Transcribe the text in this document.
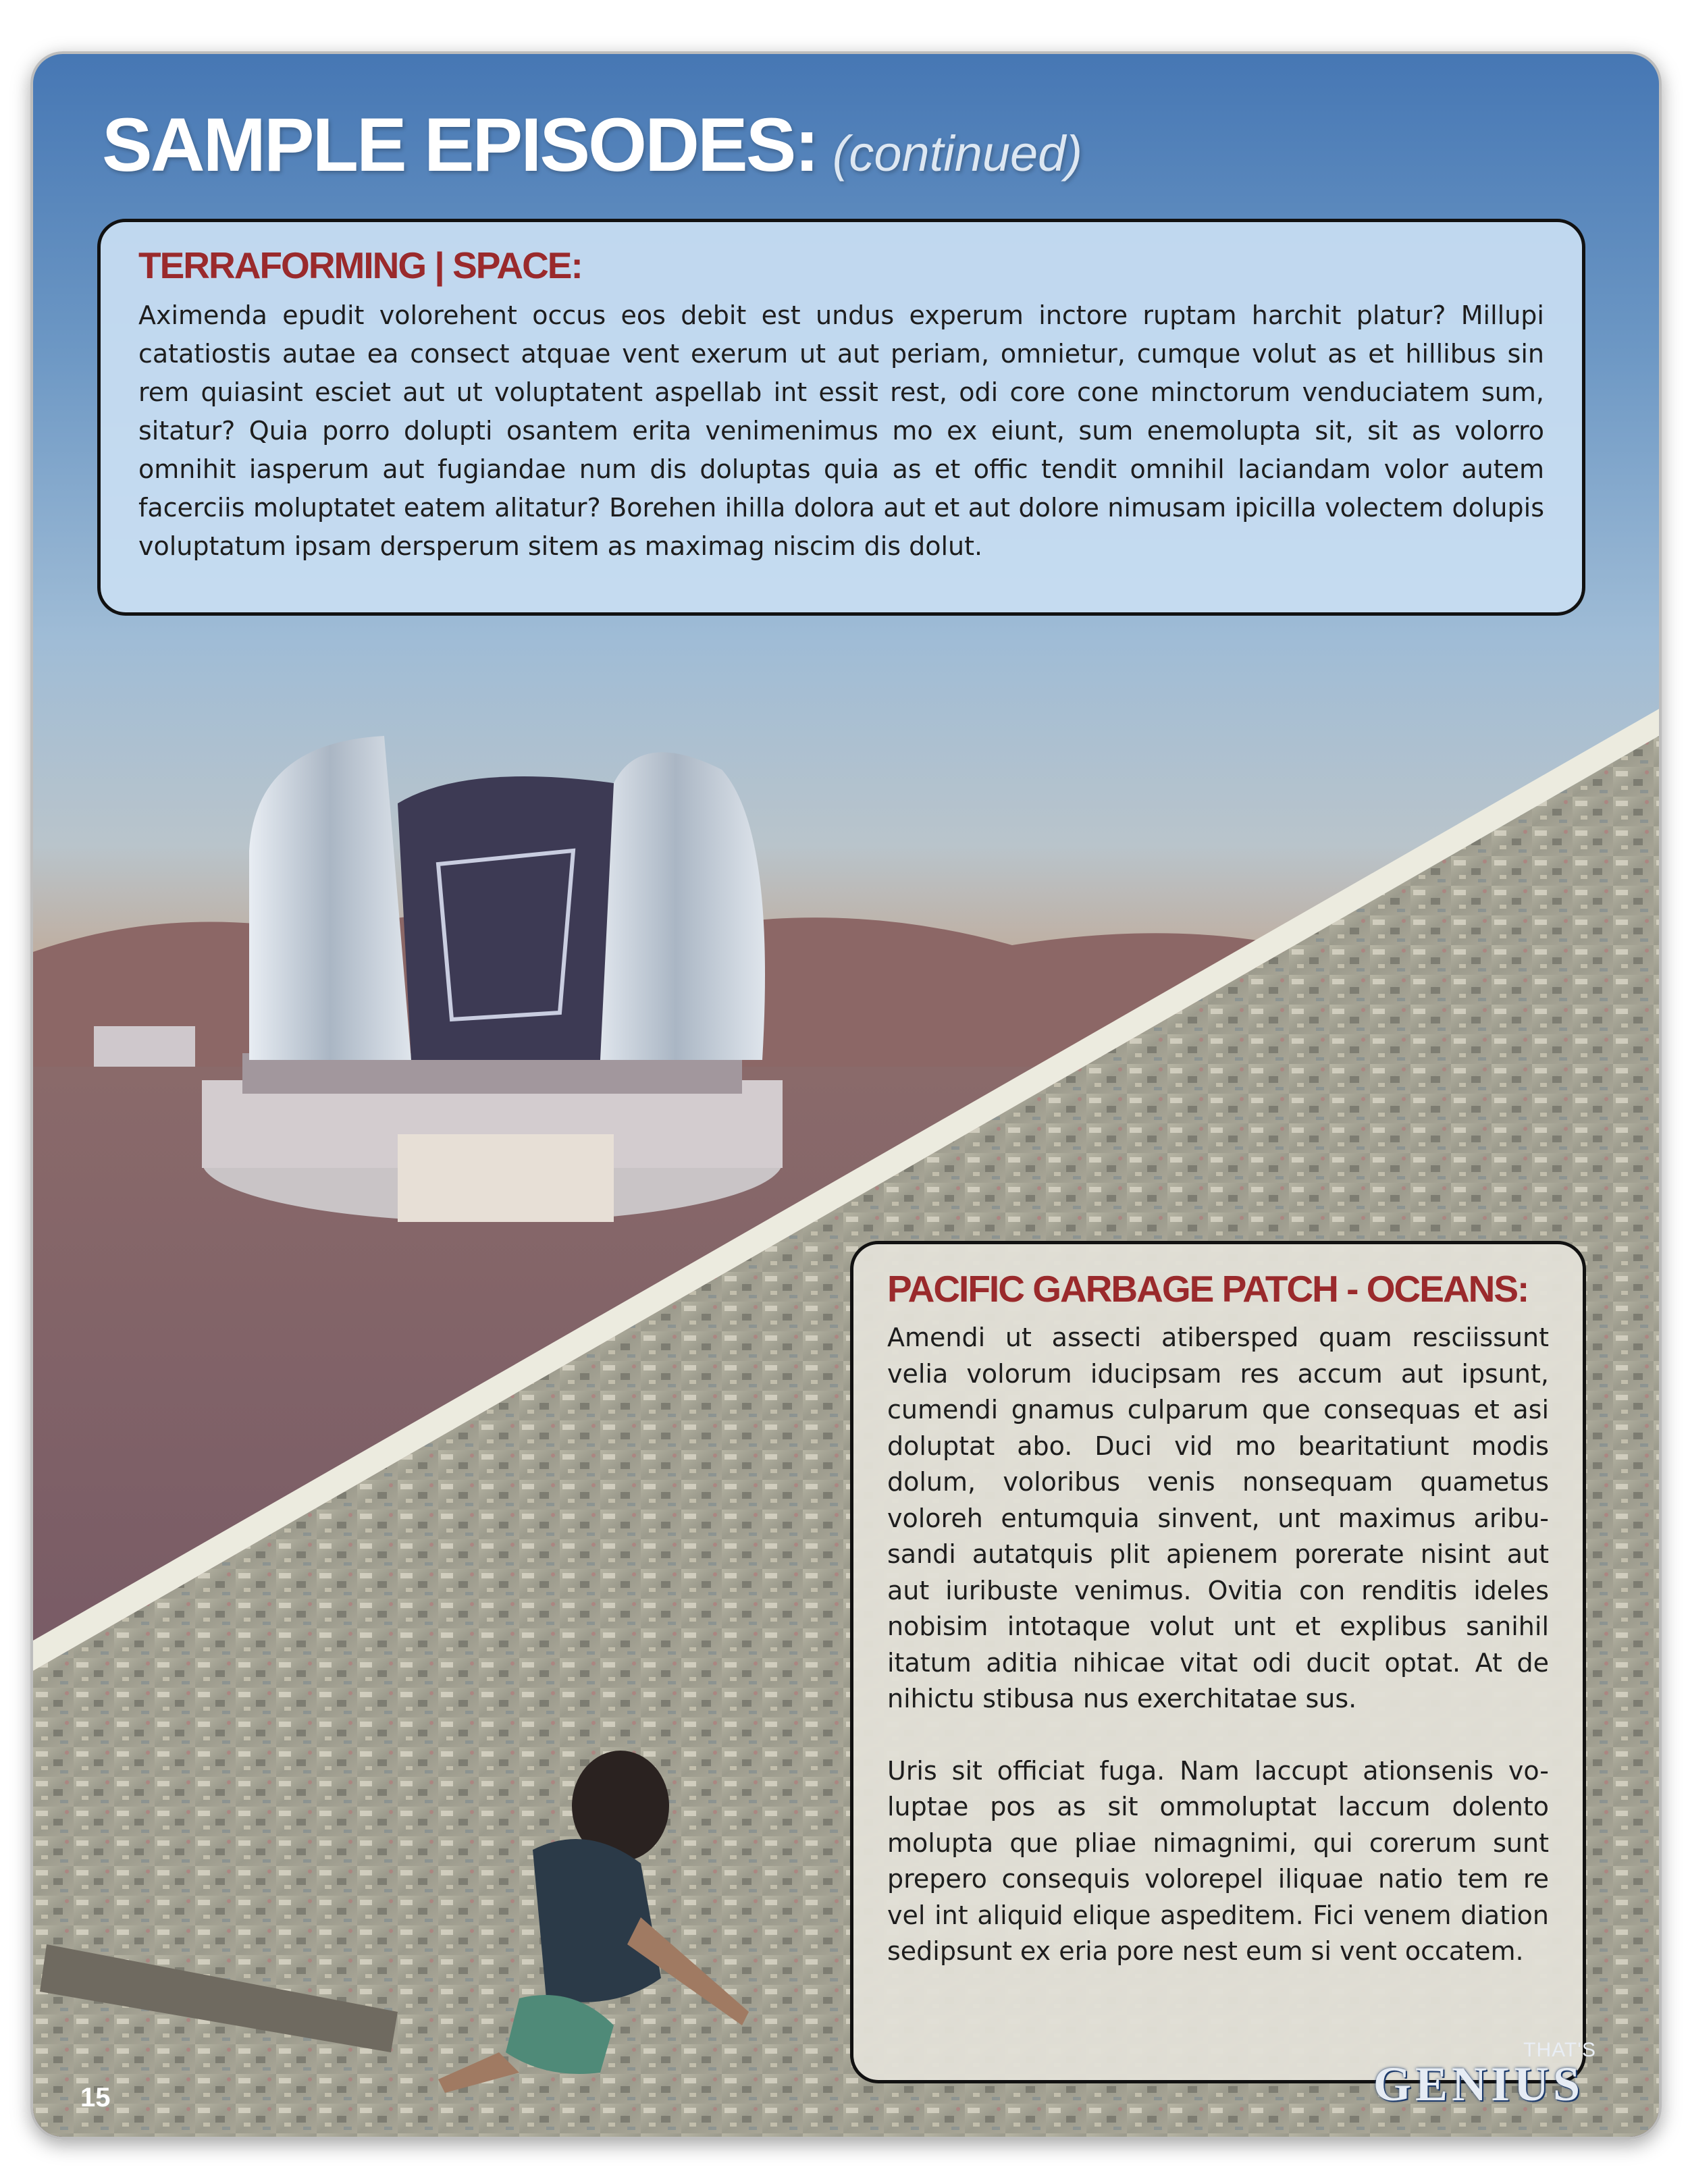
SAMPLE EPISODES: (continued)
TERRAFORMING | SPACE:

Aximenda epudit volorehent occus eos debit est undus experum inctore ruptam harchit platur? Millupi catatiostis autae ea consect atquae vent exerum ut aut periam, omnietur, cumque volut as et hillibus sin rem quiasint esciet aut ut voluptatent aspellab int essit rest, odi core cone minctorum venduciatem sum, sitatur? Quia porro dolupti osantem erita venimenimus mo ex eiunt, sum enemolupta sit, sit as volorro omnihit iasperum aut fugiandae num dis doluptas quia as et offic tendit omnihil laciandam volor autem facerciis moluptatet eatem alitatur? Borehen ihilla dolora aut et aut dolore nimusam ipicilla volectem dolupis voluptatum ipsam dersperum sitem as maximag niscim dis dolut.

PACIFIC GARBAGE PATCH - OCEANS:

Amendi ut assecti atibersped quam resciissunt velia volorum iducipsam res accum aut ipsunt, cumendi gnamus culparum que consequas et asi doluptat abo. Duci vid mo bearitatiunt modis dolum, voloribus venis nonsequam quametus voloreh entumquia sinvent, unt maximus aribu-sandi autatquis plit apienem porerate nisint aut aut iuribuste venimus. Ovitia con renditis ideles nobisim intotaque volut unt et explibus sanihil itatum aditia nihicae vitat odi ducit optat. At de nihictu stibusa nus exerchitatae sus.

Uris sit officiat fuga. Nam laccupt ationsenis vo-luptae pos as sit ommoluptat laccum dolento molupta que pliae nimagnimi, qui corerum sunt prepero consequis volorepel iliquae natio tem re vel int aliquid elique aspeditem. Fici venem diation sedipsunt ex eria pore nest eum si vent occatem.

15

THAT'S

GENIUS
